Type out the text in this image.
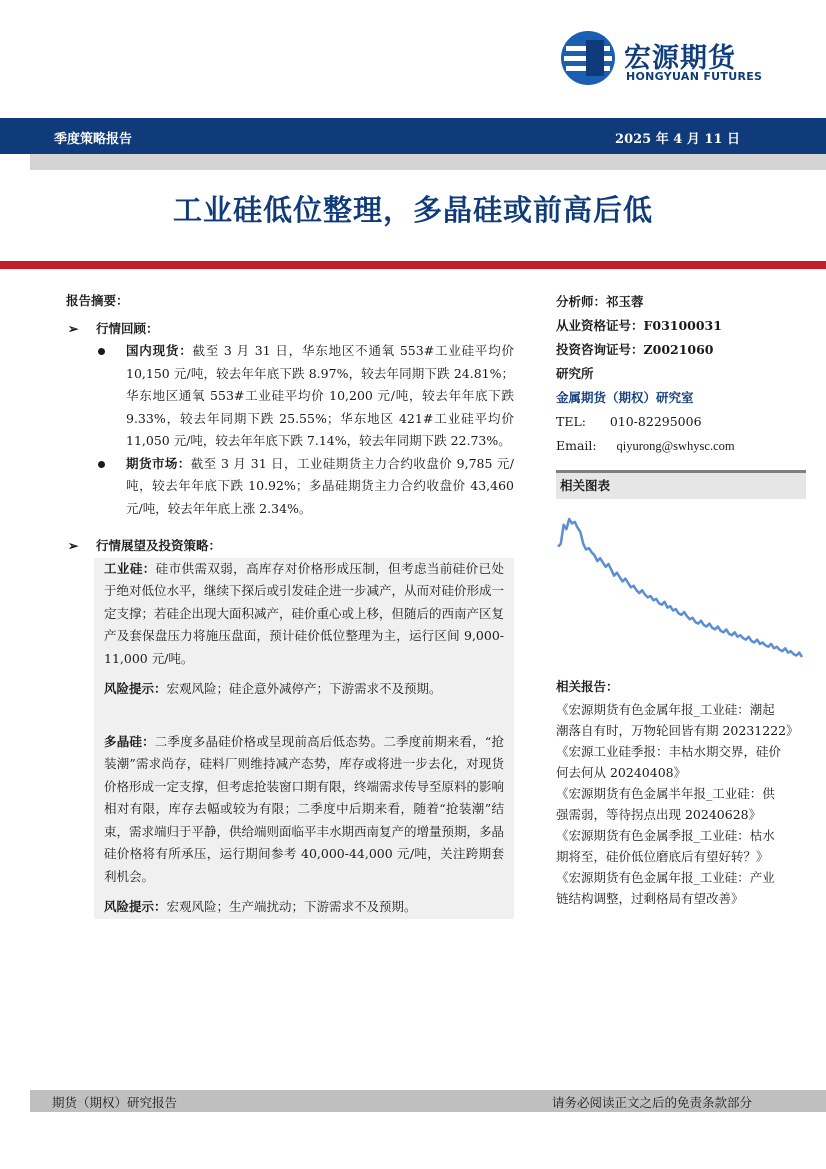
宏源期货
HONGYUAN FUTURES
季度策略报告	2025 年 4 月 11 日
工业硅低位整理，多晶硅或前高后低
报告摘要：
➢ 行情回顾：
国内现货：截至 3 月 31 日，华东地区不通氧 553#工业硅平均价 10,150 元/吨，较去年年底下跌 8.97%，较去年同期下跌 24.81%；华东地区通氧 553#工业硅平均价 10,200 元/吨，较去年年底下跌 9.33%，较去年同期下跌 25.55%；华东地区 421#工业硅平均价 11,050 元/吨，较去年年底下跌 7.14%，较去年同期下跌 22.73%。
期货市场：截至 3 月 31 日，工业硅期货主力合约收盘价 9,785 元/吨，较去年年底下跌 10.92%；多晶硅期货主力合约收盘价 43,460 元/吨，较去年年底上涨 2.34%。
➢ 行情展望及投资策略：
工业硅：硅市供需双弱，高库存对价格形成压制，但考虑当前硅价已处于绝对低位水平，继续下探后或引发硅企进一步减产，从而对硅价形成一定支撑；若硅企出现大面积减产，硅价重心或上移，但随后的西南产区复产及套保盘压力将施压盘面，预计硅价低位整理为主，运行区间 9,000-11,000 元/吨。
风险提示：宏观风险；硅企意外减停产；下游需求不及预期。
多晶硅：二季度多晶硅价格或呈现前高后低态势。二季度前期来看，“抢装潮”需求尚存，硅料厂则维持减产态势，库存或将进一步去化，对现货价格形成一定支撑，但考虑抢装窗口期有限，终端需求传导至原料的影响相对有限，库存去幅或较为有限；二季度中后期来看，随着“抢装潮”结束，需求端归于平静，供给端则面临平丰水期西南复产的增量预期，多晶硅价格将有所承压，运行期间参考 40,000-44,000 元/吨，关注跨期套利机会。
风险提示：宏观风险；生产端扰动；下游需求不及预期。
分析师：祁玉蓉
从业资格证号：F03100031
投资咨询证号：Z0021060
研究所
金属期货（期权）研究室
TEL: 010-82295006
Email: qiyurong@swhysc.com
相关图表
相关报告：
《宏源期货有色金属年报_工业硅：潮起
潮落自有时，万物轮回皆有期 20231222》
《宏源工业硅季报：丰枯水期交界，硅价
何去何从 20240408》
《宏源期货有色金属半年报_工业硅：供
强需弱，等待拐点出现 20240628》
《宏源期货有色金属季报_工业硅：枯水
期将至，硅价低位磨底后有望好转？》
《宏源期货有色金属年报_工业硅：产业
链结构调整，过剩格局有望改善》
期货（期权）研究报告	请务必阅读正文之后的免责条款部分
